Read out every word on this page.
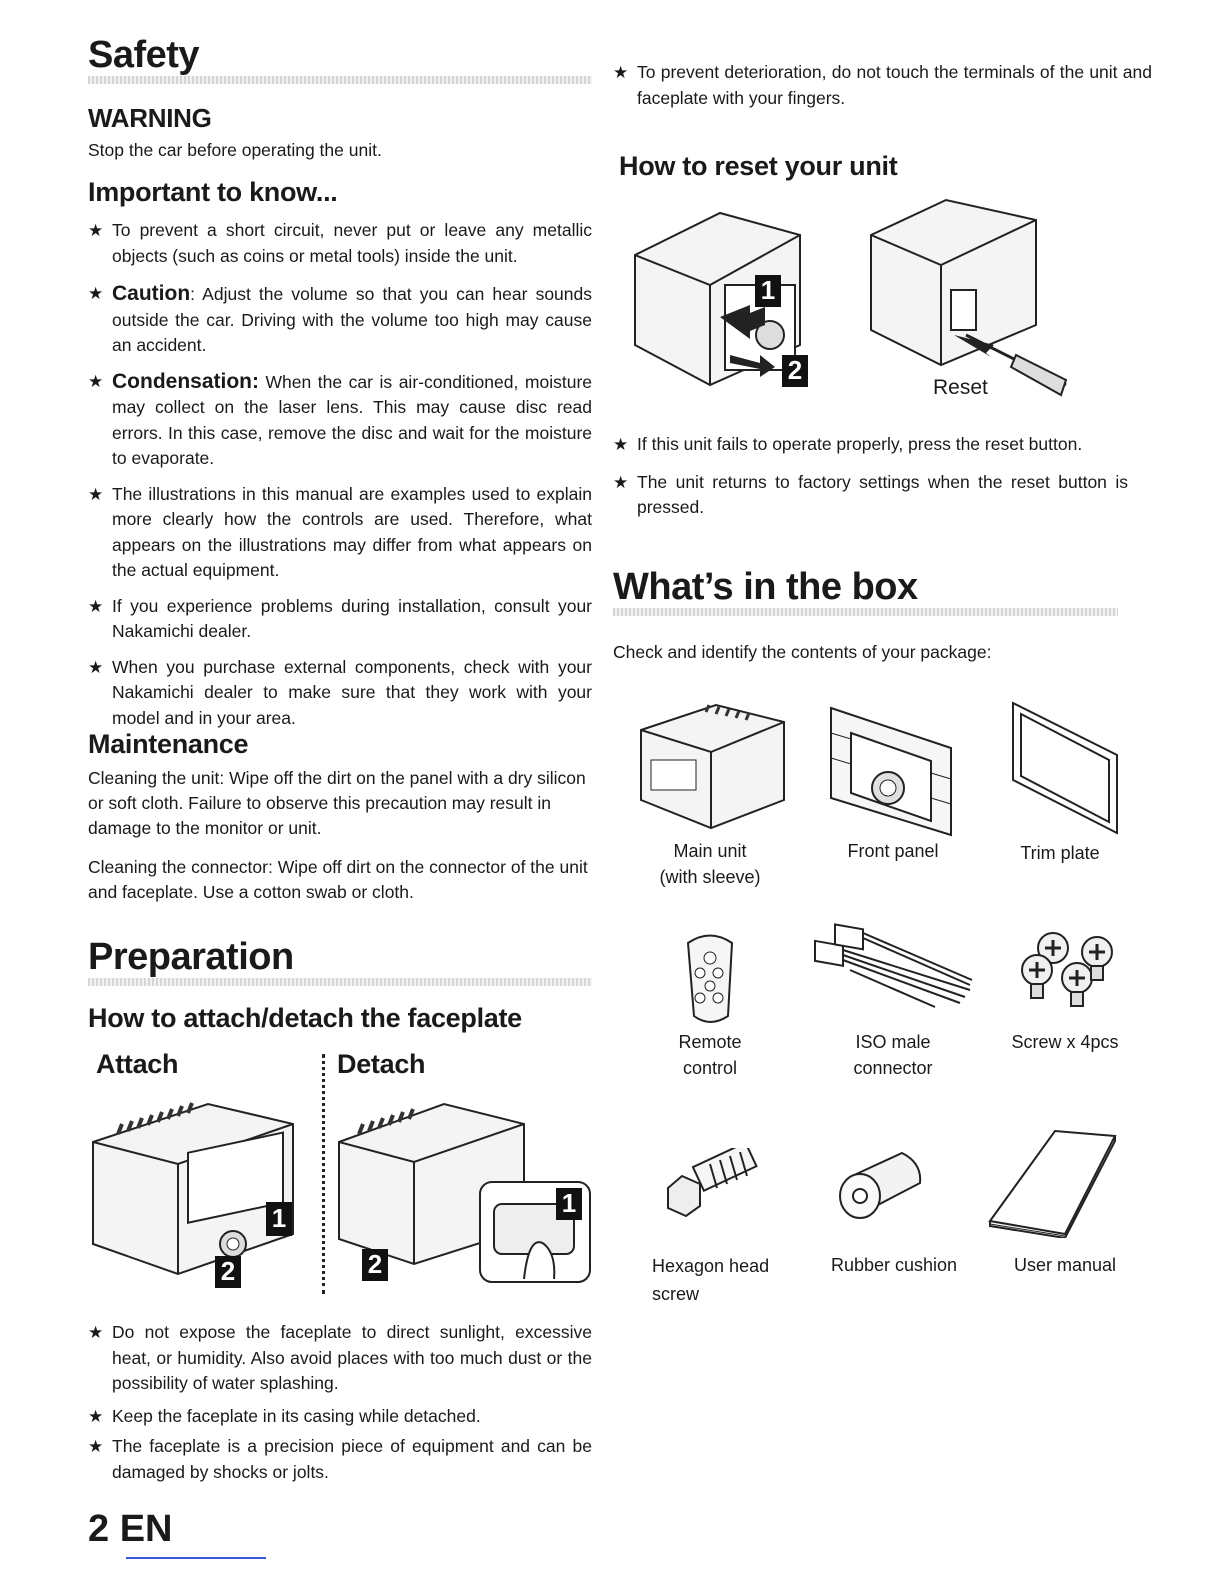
Safety
WARNING

Stop the car before operating the unit.

Important to know...
★ To prevent a short circuit, never put or leave any metallic objects (such as coins or metal tools) inside the unit.
★ Caution: Adjust the volume so that you can hear sounds outside the car. Driving with the volume too high may cause an accident.
★ Condensation: When the car is air-conditioned, moisture may collect on the laser lens. This may cause disc read errors. In this case, remove the disc and wait for the moisture to evaporate.
★ The illustrations in this manual are examples used to explain more clearly how the controls are used. Therefore, what appears on the illustrations may differ from what appears on the actual equipment.
★ If you experience problems during installation, consult your Nakamichi dealer.
★ When you purchase external components, check with your Nakamichi dealer to make sure that they work with your model and in your area.
Maintenance

Cleaning the unit: Wipe off the dirt on the panel with a dry silicon or soft cloth. Failure to observe this precaution may result in damage to the monitor or unit.

Cleaning the connector: Wipe off dirt on the connector of the unit and faceplate. Use a cotton swab or cloth.

Preparation
How to attach/detach the faceplate
Attach	Detach
★ Do not expose the faceplate to direct sunlight, excessive heat, or humidity. Also avoid places with too much dust or the possibility of water splashing.
★ Keep the faceplate in its casing while detached.
★ The faceplate is a precision piece of equipment and can be damaged by shocks or jolts.
1
2
1
2
★ To prevent deterioration, do not touch the terminals of the unit and faceplate with your fingers.
How to reset your unit
★ If this unit fails to operate properly, press the reset button.
★ The unit returns to factory settings when the reset button is pressed.
What’s in the box

Check and identify the contents of your package:

2
1
Reset
Main unit
(with sleeve)
Front panel	Trim plate
Remote
control
ISO male
connector
Screw x 4pcs
Hexagon head
screw
Rubber cushion	User manual
2 EN
